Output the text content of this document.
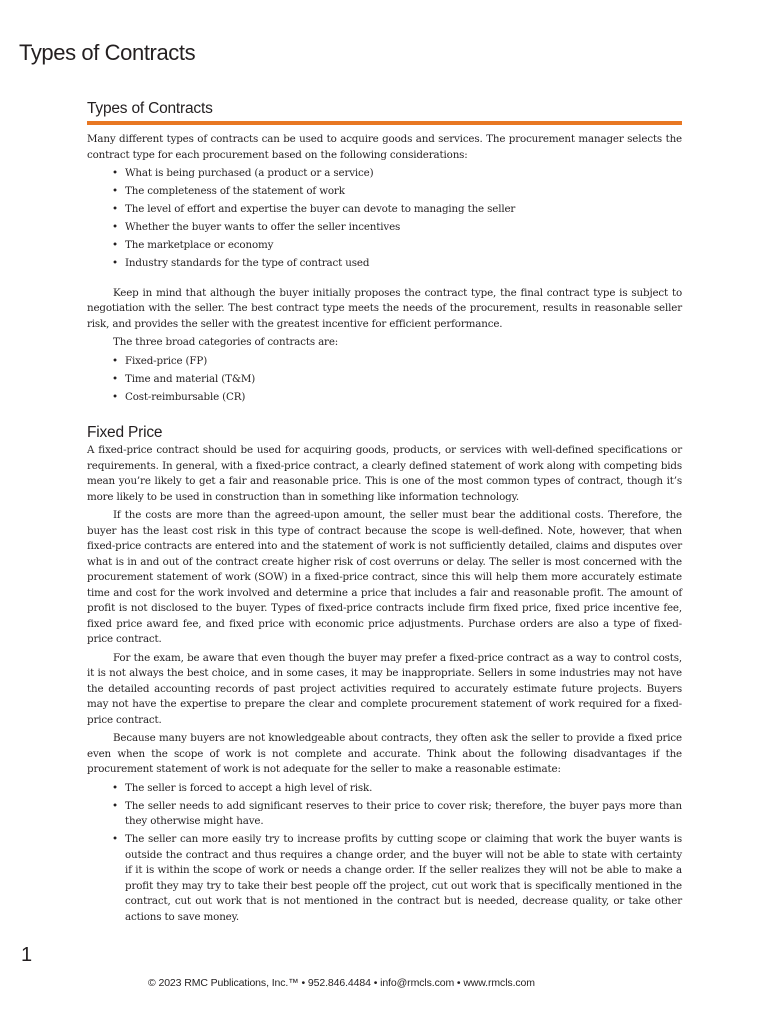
Types of Contracts
Types of Contracts

Many different types of contracts can be used to acquire goods and services. The procurement manager selects the contract type for each procurement based on the following considerations:

• What is being purchased (a product or a service)
• The completeness of the statement of work
• The level of effort and expertise the buyer can devote to managing the seller
• Whether the buyer wants to offer the seller incentives
• The marketplace or economy
• Industry standards for the type of contract used

Keep in mind that although the buyer initially proposes the contract type, the final contract type is subject to negotiation with the seller. The best contract type meets the needs of the procurement, results in reasonable seller risk, and provides the seller with the greatest incentive for efficient performance.

The three broad categories of contracts are:

• Fixed-price (FP)
• Time and material (T&M)
• Cost-reimbursable (CR)
Fixed Price

A fixed-price contract should be used for acquiring goods, products, or services with well-defined specifications or requirements. In general, with a fixed-price contract, a clearly defined statement of work along with competing bids mean you’re likely to get a fair and reasonable price. This is one of the most common types of contract, though it’s more likely to be used in construction than in something like information technology.

If the costs are more than the agreed-upon amount, the seller must bear the additional costs. Therefore, the buyer has the least cost risk in this type of contract because the scope is well-defined. Note, however, that when fixed-price contracts are entered into and the statement of work is not sufficiently detailed, claims and disputes over what is in and out of the contract create higher risk of cost overruns or delay. The seller is most concerned with the procurement statement of work (SOW) in a fixed-price contract, since this will help them more accurately estimate time and cost for the work involved and determine a price that includes a fair and reasonable profit. The amount of profit is not disclosed to the buyer. Types of fixed-price contracts include firm fixed price, fixed price incentive fee, fixed price award fee, and fixed price with economic price adjustments. Purchase orders are also a type of fixed-price contract.

For the exam, be aware that even though the buyer may prefer a fixed-price contract as a way to control costs, it is not always the best choice, and in some cases, it may be inappropriate. Sellers in some industries may not have the detailed accounting records of past project activities required to accurately estimate future projects. Buyers may not have the expertise to prepare the clear and complete procurement statement of work required for a fixed-price contract.

Because many buyers are not knowledgeable about contracts, they often ask the seller to provide a fixed price even when the scope of work is not complete and accurate. Think about the following disadvantages if the procurement statement of work is not adequate for the seller to make a reasonable estimate:

• The seller is forced to accept a high level of risk.
• The seller needs to add significant reserves to their price to cover risk; therefore, the buyer pays more than they otherwise might have.
• The seller can more easily try to increase profits by cutting scope or claiming that work the buyer wants is outside the contract and thus requires a change order, and the buyer will not be able to state with certainty if it is within the scope of work or needs a change order. If the seller realizes they will not be able to make a profit they may try to take their best people off the project, cut out work that is specifically mentioned in the contract, cut out work that is not mentioned in the contract but is needed, decrease quality, or take other actions to save money.
1
© 2023 RMC Publications, Inc.™ • 952.846.4484 • info@rmcls.com • www.rmcls.com
